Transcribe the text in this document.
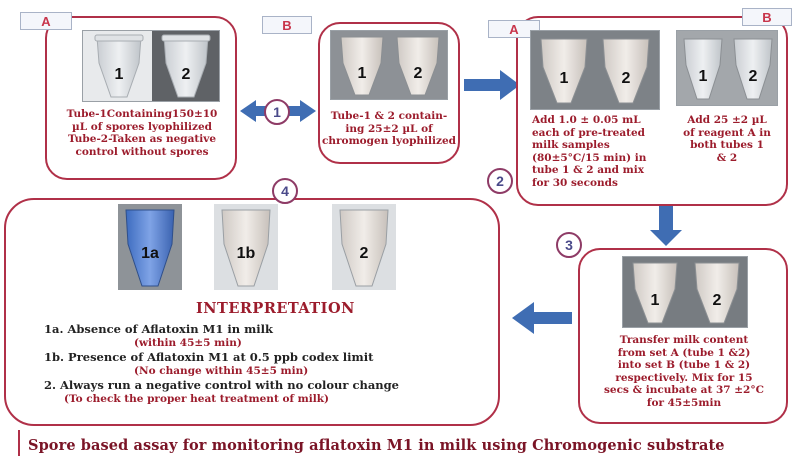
A
1	2
Tube-1Containing150±10
µL of spores lyophilized
Tube-2-Taken as negative
control without spores
1
B
1	2
Tube-1 & 2 contain-
ing 25±2 µL of
chromogen lyophilized
A
B
1	2	1	2
Add 1.0 ± 0.05 mL
each of pre-treated
milk samples
(80±5°C/15 min) in
tube 1 & 2 and mix
for 30 seconds
Add 25 ±2 µL
of reagent A in
both tubes 1
& 2
2
3
1	2
Transfer milk content
from set A (tube 1 &2)
into set B (tube 1 & 2)
respectively. Mix for 15
secs & incubate at 37 ±2°C
for 45±5min
4
1a	1b	2
INTERPRETATION
1a. Absence of Aflatoxin M1 in milk
(within 45±5 min)
1b. Presence of Aflatoxin M1 at 0.5 ppb codex limit
(No change within 45±5 min)
2. Always run a negative control with no colour change
(To check the proper heat treatment of milk)
Spore based assay for monitoring aflatoxin M1 in milk using Chromogenic substrate
